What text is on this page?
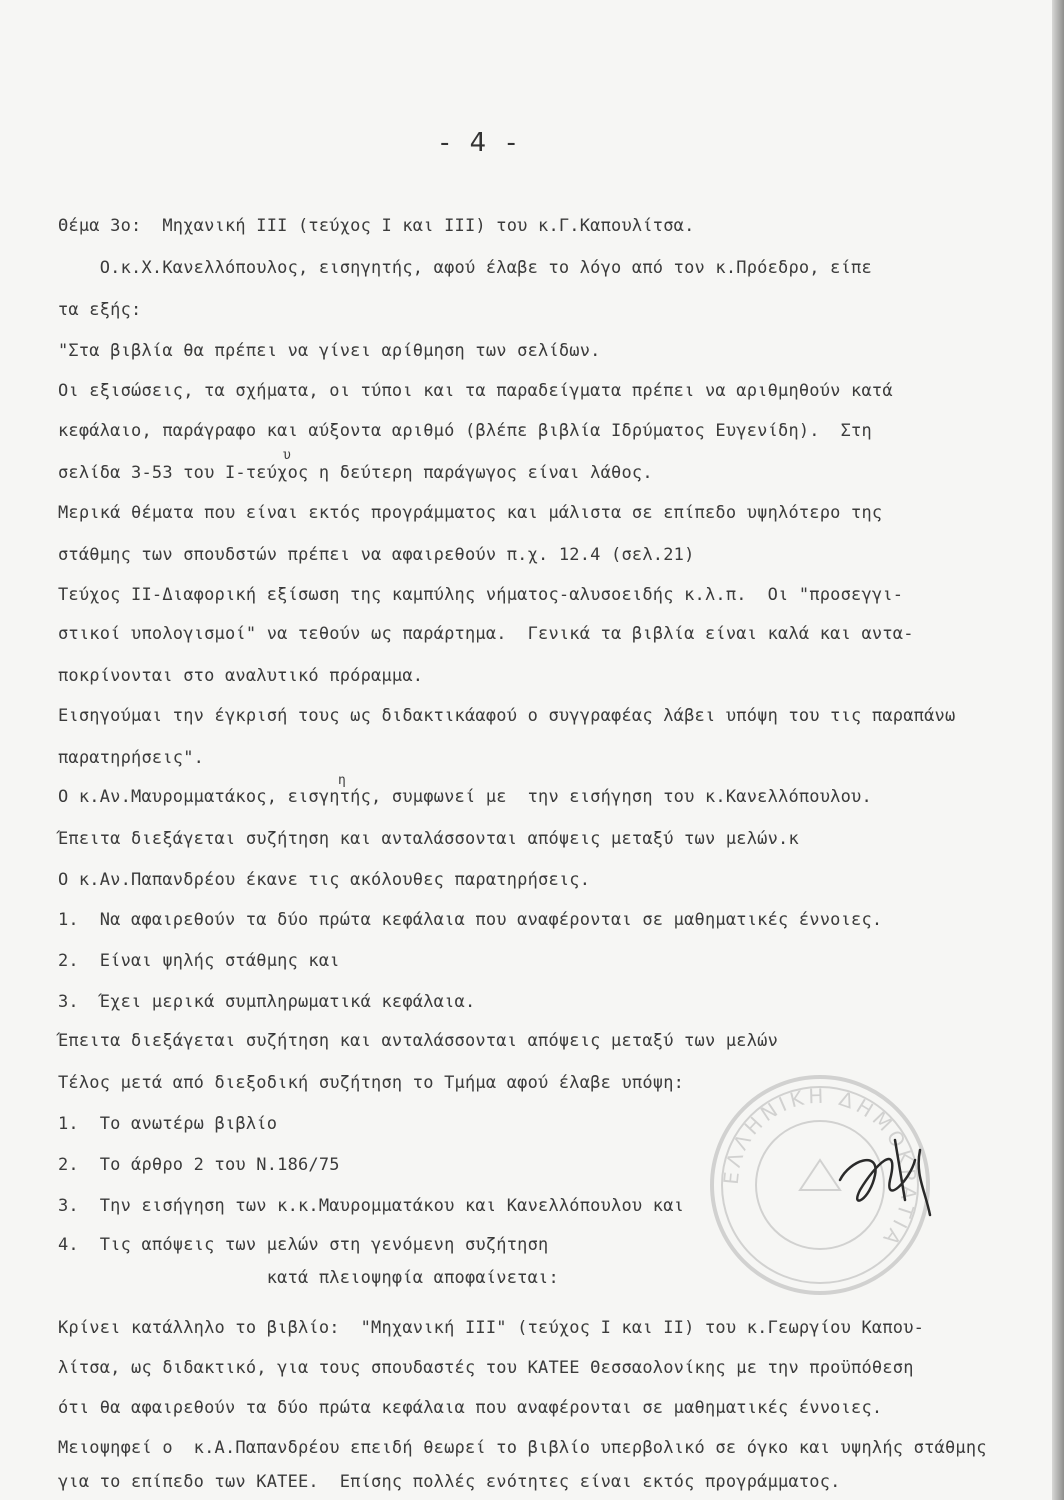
- 4 -
Θέμα 3ο:  Μηχανική ΙΙΙ (τεύχος Ι και ΙΙΙ) του κ.Γ.Καπουλίτσα.
Ο.κ.Χ.Κανελλόπουλος, εισηγητής, αφού έλαβε το λόγο από τον κ.Πρόεδρο, είπε
τα εξής:
"Στα βιβλία θα πρέπει να γίνει αρίθμηση των σελίδων.
Οι εξισώσεις, τα σχήματα, οι τύποι και τα παραδείγματα πρέπει να αριθμηθούν κατά
κεφάλαιο, παράγραφο και αύξοντα αριθμό (βλέπε βιβλία Ιδρύματος Ευγενίδη).  Στη
σελίδα 3-53 του Ι-τεύχος η δεύτερη παράγωγος είναι λάθος.
Μερικά θέματα που είναι εκτός προγράμματος και μάλιστα σε επίπεδο υψηλότερο της
στάθμης των σπουδστών πρέπει να αφαιρεθούν π.χ. 12.4 (σελ.21)
Τεύχος ΙΙ-Διαφορική εξίσωση της καμπύλης νήματος-αλυσοειδής κ.λ.π.  Οι "προσεγγι-
στικοί υπολογισμοί" να τεθούν ως παράρτημα.  Γενικά τα βιβλία είναι καλά και αντα-
ποκρίνονται στο αναλυτικό πρόραμμα.
Εισηγούμαι την έγκρισή τους ως διδακτικάαφού ο συγγραφέας λάβει υπόψη του τις παραπάνω
παρατηρήσεις".
Ο κ.Αν.Μαυρομματάκος, εισγητής, συμφωνεί με  την εισήγηση του κ.Κανελλόπουλου.
Έπειτα διεξάγεται συζήτηση και ανταλάσσονται απόψεις μεταξύ των μελών.κ
Ο κ.Αν.Παπανδρέου έκανε τις ακόλουθες παρατηρήσεις.
1.  Να αφαιρεθούν τα δύο πρώτα κεφάλαια που αναφέρονται σε μαθηματικές έννοιες.
2.  Είναι ψηλής στάθμης και
3.  Έχει μερικά συμπληρωματικά κεφάλαια.
Έπειτα διεξάγεται συζήτηση και ανταλάσσονται απόψεις μεταξύ των μελών
Τέλος μετά από διεξοδική συζήτηση το Τμήμα αφού έλαβε υπόψη:
1.  Το ανωτέρω βιβλίο
2.  Το άρθρο 2 του Ν.186/75
3.  Την εισήγηση των κ.κ.Μαυρομματάκου και Κανελλόπουλου και
4.  Τις απόψεις των μελών στη γενόμενη συζήτηση
κατά πλειοψηφία αποφαίνεται:
Κρίνει κατάλληλο το βιβλίο:  "Μηχανική ΙΙΙ" (τεύχος Ι και ΙΙ) του κ.Γεωργίου Καπου-
λίτσα, ως διδακτικό, για τους σπουδαστές του ΚΑΤΕΕ Θεσσαολονίκης με την προϋπόθεση
ότι θα αφαιρεθούν τα δύο πρώτα κεφάλαια που αναφέρονται σε μαθηματικές έννοιες.
Μειοψηφεί ο  κ.Α.Παπανδρέου επειδή θεωρεί το βιβλίο υπερβολικό σε όγκο και υψηλής στάθμης
για το επίπεδο των ΚΑΤΕΕ.  Επίσης πολλές ενότητες είναι εκτός προγράμματος.
υ
η
ΕΛΛΗΝΙΚΗ ΔΗΜΟΚΡΑΤΙΑ
